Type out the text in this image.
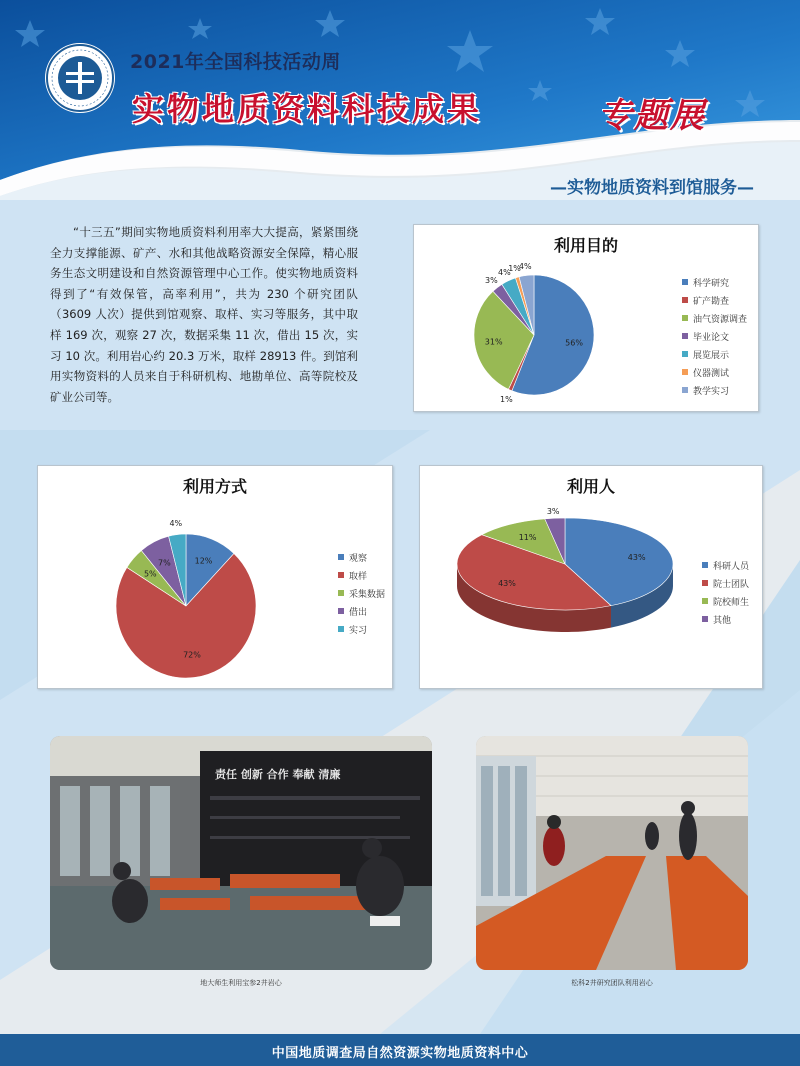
2021年全国科技活动周
实物地质资料科技成果	专题展
—实物地质资料到馆服务—

“十三五”期间实物地质资料利用率大大提高，紧紧围绕全力支撑能源、矿产、水和其他战略资源安全保障，精心服务生态文明建设和自然资源管理中心工作。使实物地质资料得到了“有效保管，高率利用”，共为 230 个研究团队（3609 人次）提供到馆观察、取样、实习等服务，其中取样 169 次，观察 27 次，数据采集 11 次，借出 15 次，实习 10 次。利用岩心约 20.3 万米，取样 28913 件。到馆利用实物资料的人员来自于科研机构、地勘单位、高等院校及矿业公司等。

利用目的
56%
1%
31%
3%
4%
1%
4%
科学研究
矿产勘查
油气资源调查
毕业论文
展览展示
仪器测试
教学实习
利用方式
12%
72%
5%
7%
4%
观察
取样
采集数据
借出
实习
利用人
43%
43%
11%
3%
科研人员
院士团队
院校师生
其他
责任 创新 合作 奉献 清廉
地大师生利用宝参2井岩心	松科2井研究团队利用岩心
中国地质调查局自然资源实物地质资料中心
